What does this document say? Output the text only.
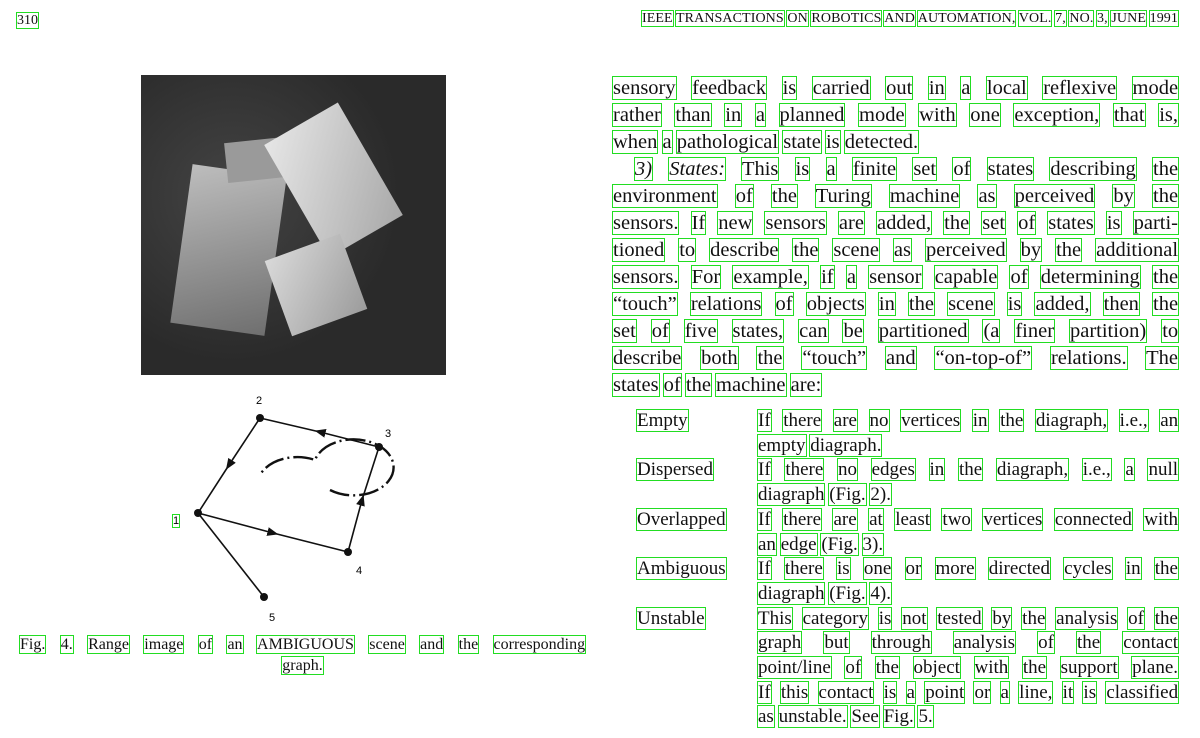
310	IEEE TRANSACTIONS ON ROBOTICS AND AUTOMATION, VOL. 7, NO. 3, JUNE 1991
1
2
3
4
5
Fig. 4. Range image of an AMBIGUOUS scene and the corresponding
graph.
sensory feedback is carried out in a local reflexive mode
rather than in a planned mode with one exception, that is,
when a pathological state is detected.
3) States: This is a finite set of states describing the
environment of the Turing machine as perceived by the
sensors. If new sensors are added, the set of states is parti-
tioned to describe the scene as perceived by the additional
sensors. For example, if a sensor capable of determining the
“touch” relations of objects in the scene is added, then the
set of five states, can be partitioned (a finer partition) to
describe both the “touch” and “on-top-of” relations. The
states of the machine are:
Empty	If there are no vertices in the diagraph, i.e., an
empty diagraph.
Dispersed If there no edges in the diagraph, i.e., a null
diagraph (Fig. 2).
Overlapped If there are at least two vertices connected with
an edge (Fig. 3).
Ambiguous If there is one or more directed cycles in the
diagraph (Fig. 4).
Unstable	This category is not tested by the analysis of the
graph but through analysis of the contact
point/line of the object with the support plane.
If this contact is a point or a line, it is classified
as unstable. See Fig. 5.
